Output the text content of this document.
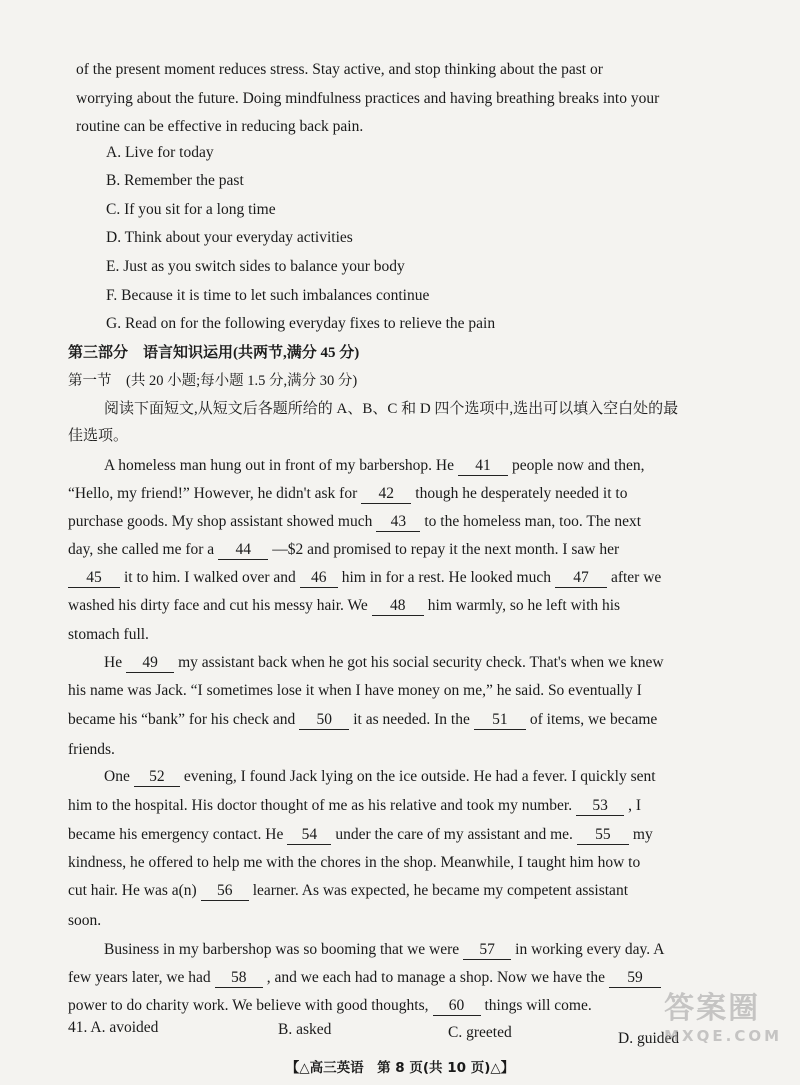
of the present moment reduces stress. Stay active, and stop thinking about the past or
worrying about the future. Doing mindfulness practices and having breathing breaks into your
routine can be effective in reducing back pain.
A. Live for today
B. Remember the past
C. If you sit for a long time
D. Think about your everyday activities
E. Just as you switch sides to balance your body
F. Because it is time to let such imbalances continue
G. Read on for the following everyday fixes to relieve the pain
第三部分　语言知识运用(共两节,满分 45 分)
第一节　(共 20 小题;每小题 1.5 分,满分 30 分)
阅读下面短文,从短文后各题所给的 A、B、C 和 D 四个选项中,选出可以填入空白处的最
佳选项。
A homeless man hung out in front of my barbershop. He 41 people now and then,
“Hello, my friend!” However, he didn't ask for 42 though he desperately needed it to
purchase goods. My shop assistant showed much 43 to the homeless man, too. The next
day, she called me for a 44 —$2 and promised to repay it the next month. I saw her
45 it to him. I walked over and 46 him in for a rest. He looked much 47 after we
washed his dirty face and cut his messy hair. We 48 him warmly, so he left with his
stomach full.
He 49 my assistant back when he got his social security check. That's when we knew
his name was Jack. “I sometimes lose it when I have money on me,” he said. So eventually I
became his “bank” for his check and 50 it as needed. In the 51 of items, we became
friends.
One 52 evening, I found Jack lying on the ice outside. He had a fever. I quickly sent
him to the hospital. His doctor thought of me as his relative and took my number. 53 , I
became his emergency contact. He 54 under the care of my assistant and me. 55 my
kindness, he offered to help me with the chores in the shop. Meanwhile, I taught him how to
cut hair. He was a(n) 56 learner. As was expected, he became my competent assistant
soon.
Business in my barbershop was so booming that we were 57 in working every day. A
few years later, we had 58 , and we each had to manage a shop. Now we have the 59
power to do charity work. We believe with good thoughts, 60 things will come.
41. A. avoided	B. asked	C. greeted	D. guided
答案圈
MXQE.COM
【△高三英语　第 8 页(共 10 页)△】
